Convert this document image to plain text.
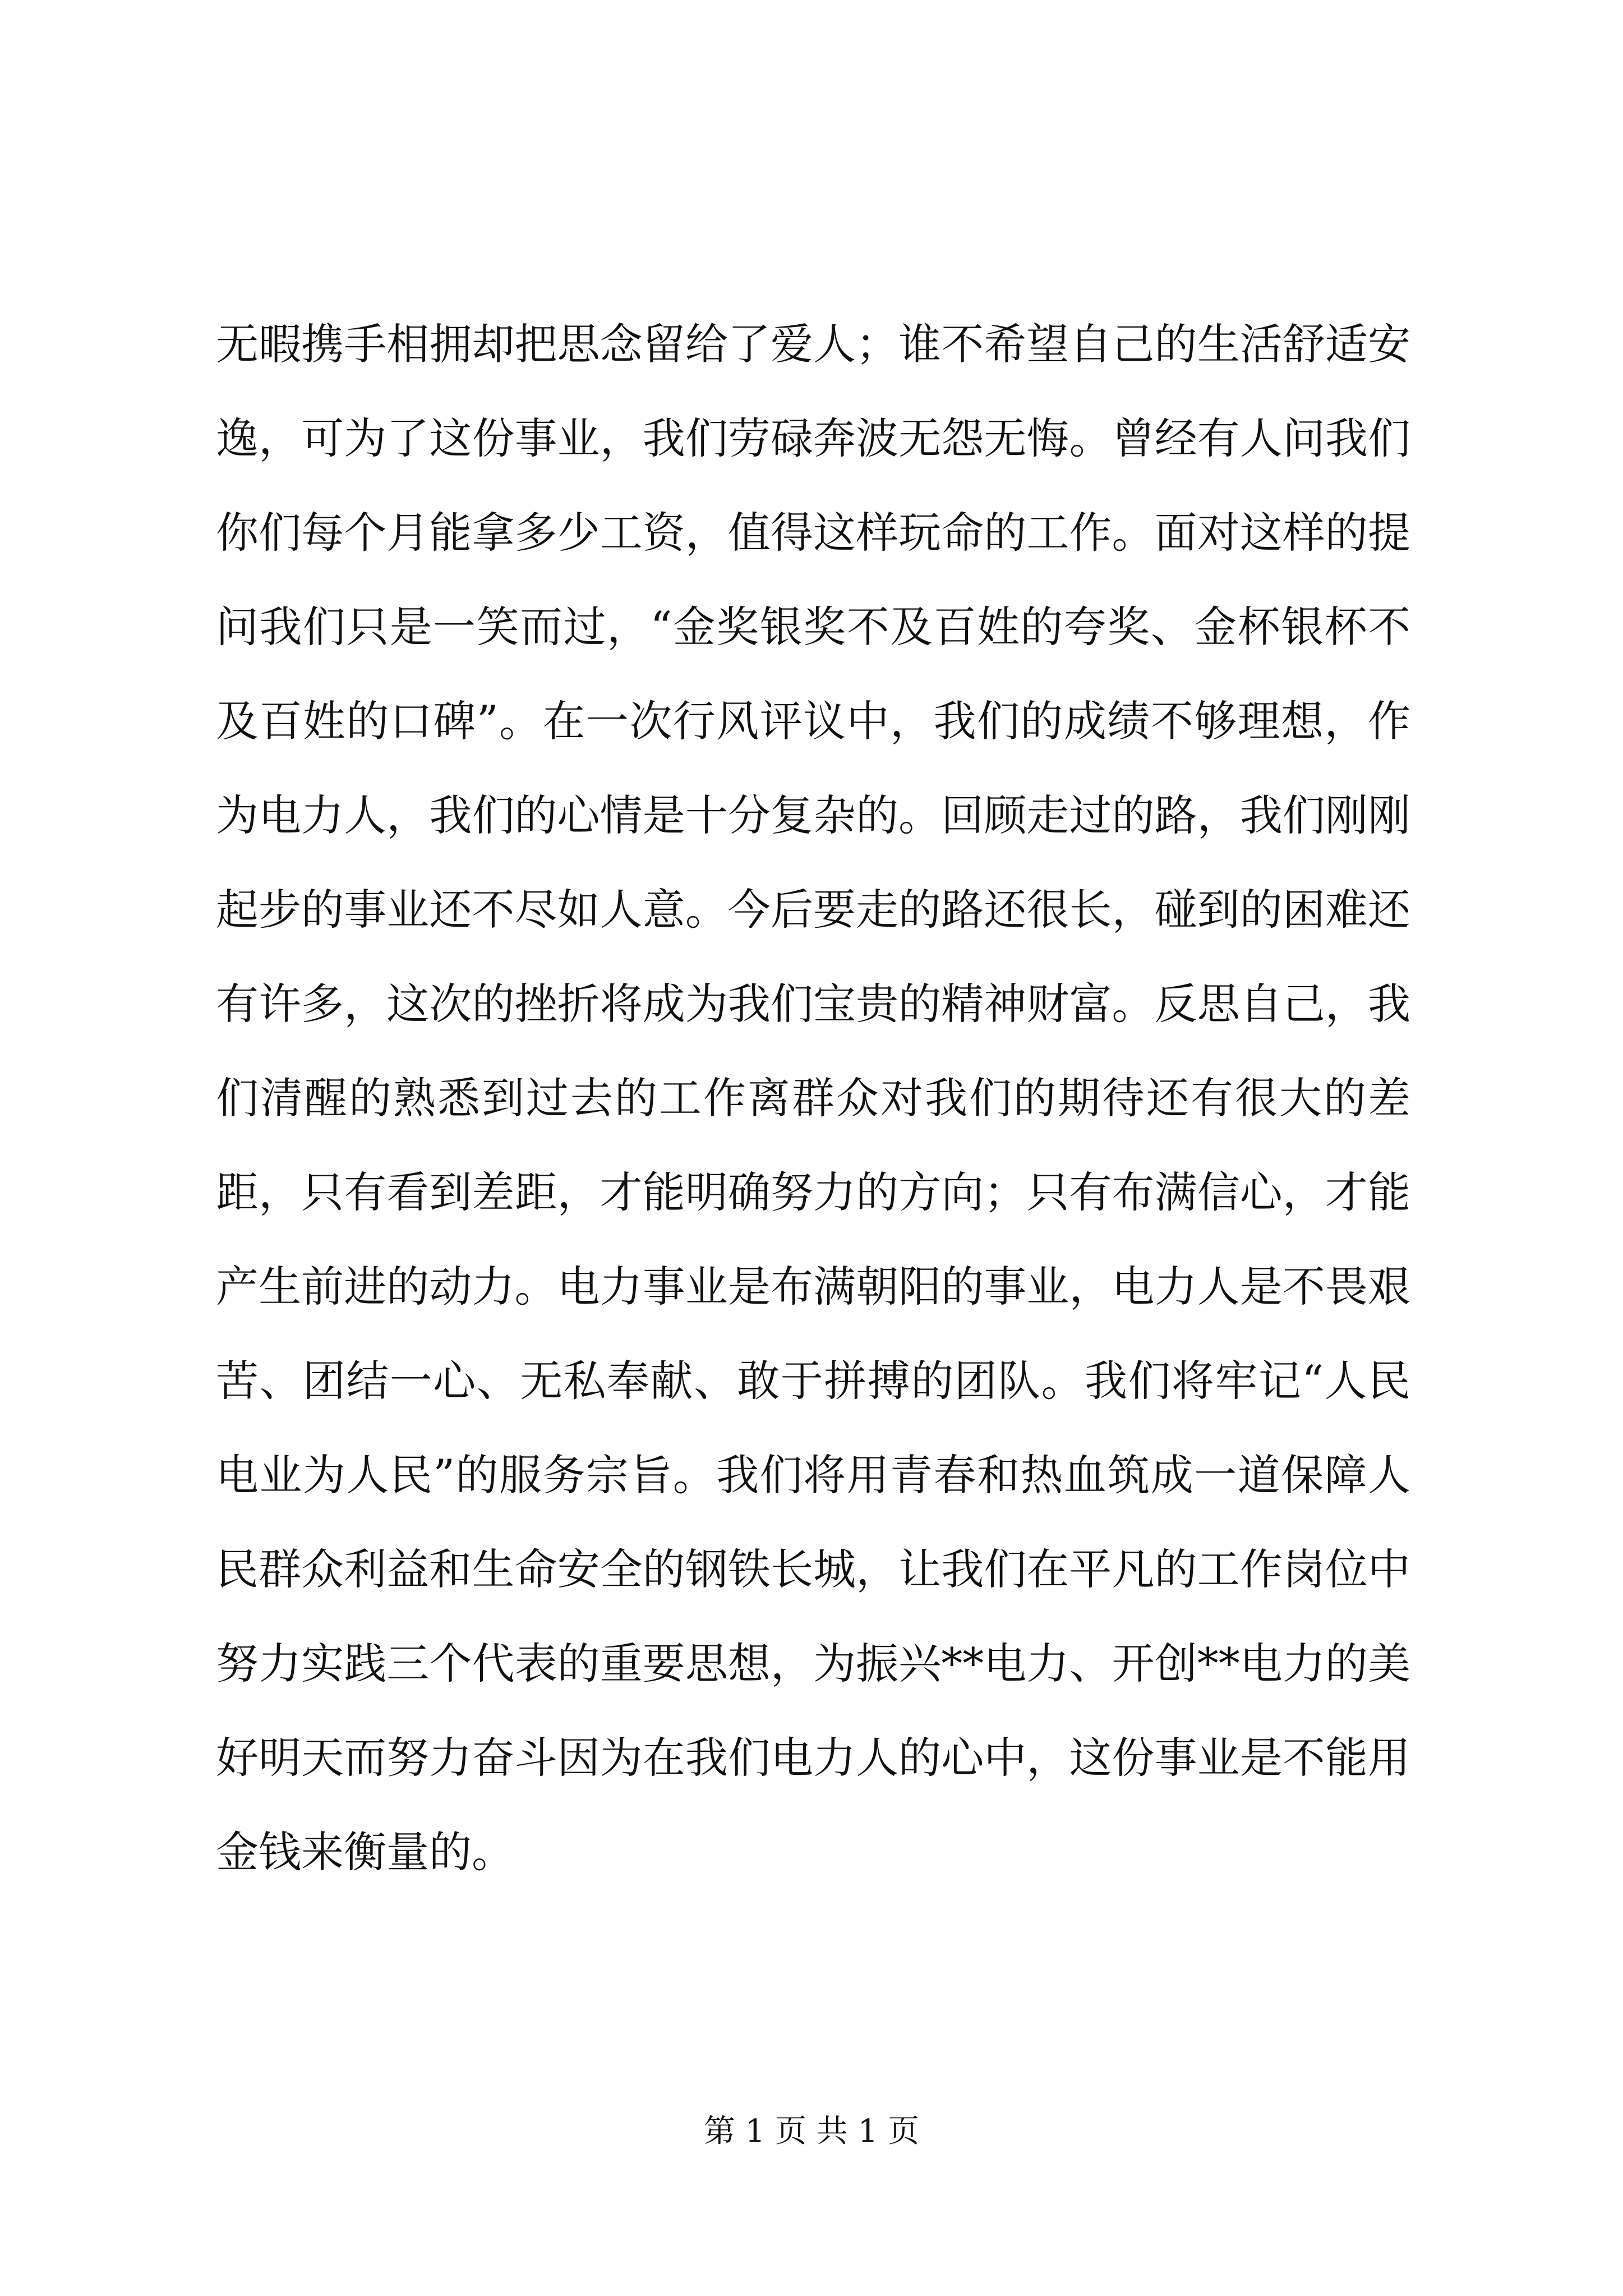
无暇携手相拥却把思念留给了爱人；谁不希望自己的生活舒适安
逸，可为了这份事业，我们劳碌奔波无怨无悔。曾经有人问我们
你们每个月能拿多少工资，值得这样玩命的工作。面对这样的提
问我们只是一笑而过，“金奖银奖不及百姓的夸奖、金杯银杯不
及百姓的口碑”。在一次行风评议中，我们的成绩不够理想，作
为电力人，我们的心情是十分复杂的。回顾走过的路，我们刚刚
起步的事业还不尽如人意。今后要走的路还很长，碰到的困难还
有许多，这次的挫折将成为我们宝贵的精神财富。反思自己，我
们清醒的熟悉到过去的工作离群众对我们的期待还有很大的差
距，只有看到差距，才能明确努力的方向；只有布满信心，才能
产生前进的动力。电力事业是布满朝阳的事业，电力人是不畏艰
苦、团结一心、无私奉献、敢于拼搏的团队。我们将牢记“人民
电业为人民”的服务宗旨。我们将用青春和热血筑成一道保障人
民群众利益和生命安全的钢铁长城，让我们在平凡的工作岗位中
努力实践三个代表的重要思想，为振兴**电力、开创**电力的美
好明天而努力奋斗因为在我们电力人的心中，这份事业是不能用
金钱来衡量的。
第 1 页 共 1 页
